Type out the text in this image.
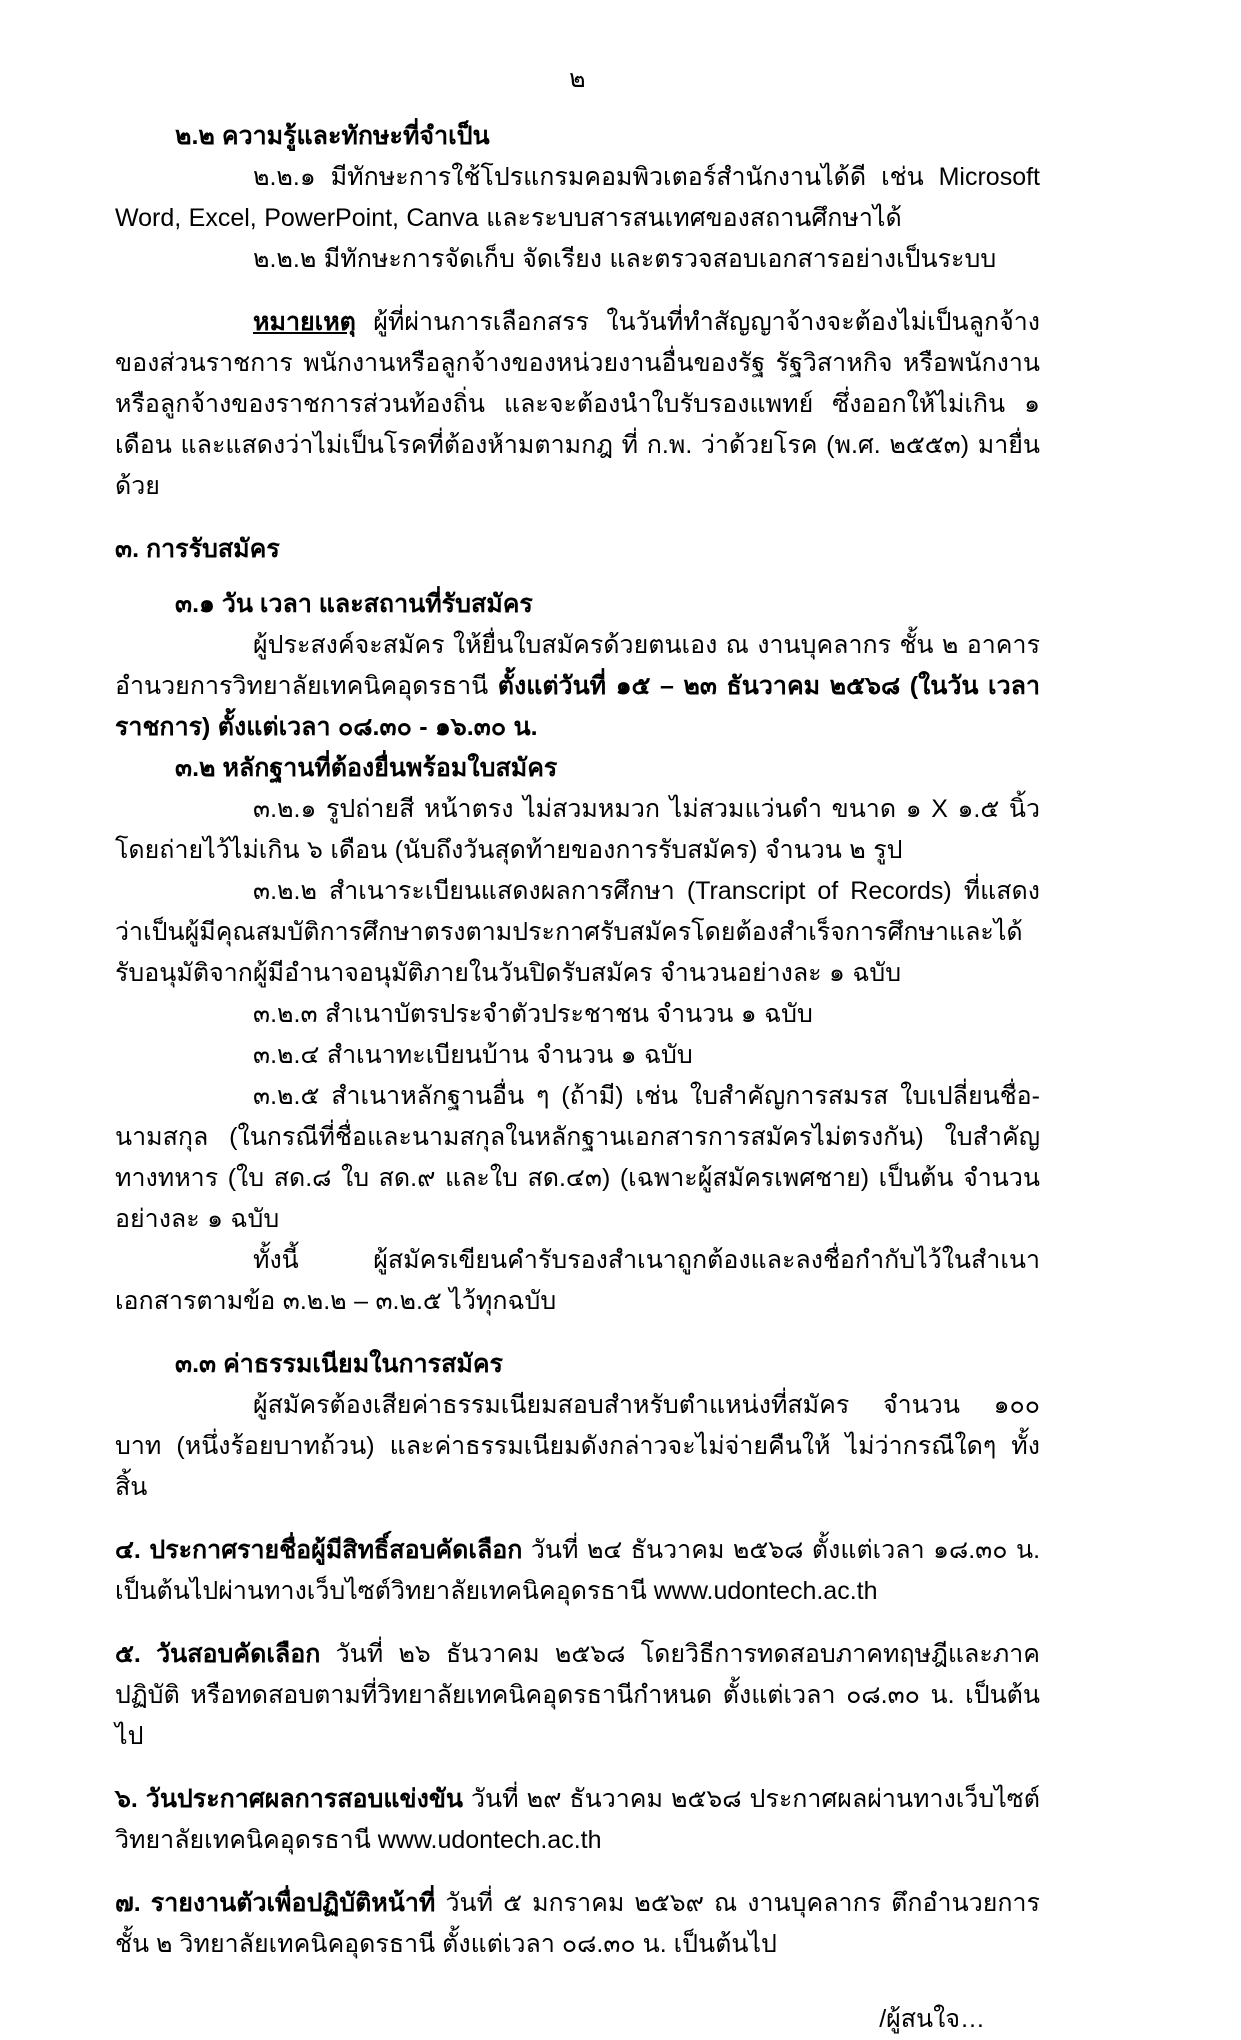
๒

๒.๒ ความรู้และทักษะที่จำเป็น

๒.๒.๑ มีทักษะการใช้โปรแกรมคอมพิวเตอร์สำนักงานได้ดี เช่น Microsoft Word, Excel, PowerPoint, Canva และระบบสารสนเทศของสถานศึกษาได้

๒.๒.๒ มีทักษะการจัดเก็บ จัดเรียง และตรวจสอบเอกสารอย่างเป็นระบบ

หมายเหตุ ผู้ที่ผ่านการเลือกสรร ในวันที่ทำสัญญาจ้างจะต้องไม่เป็นลูกจ้างของส่วนราชการ พนักงานหรือลูกจ้างของหน่วยงานอื่นของรัฐ รัฐวิสาหกิจ หรือพนักงานหรือลูกจ้างของราชการส่วนท้องถิ่น และจะต้องนำใบรับรองแพทย์ ซึ่งออกให้ไม่เกิน ๑ เดือน และแสดงว่าไม่เป็นโรคที่ต้องห้ามตามกฎ ที่ ก.พ. ว่าด้วยโรค (พ.ศ. ๒๕๕๓) มายื่นด้วย

๓. การรับสมัคร

๓.๑ วัน เวลา และสถานที่รับสมัคร

ผู้ประสงค์จะสมัคร ให้ยื่นใบสมัครด้วยตนเอง ณ งานบุคลากร ชั้น ๒ อาคารอำนวยการวิทยาลัยเทคนิคอุดรธานี ตั้งแต่วันที่ ๑๕ – ๒๓ ธันวาคม ๒๕๖๘ (ในวัน เวลาราชการ) ตั้งแต่เวลา ๐๘.๓๐ - ๑๖.๓๐ น.

๓.๒ หลักฐานที่ต้องยื่นพร้อมใบสมัคร

๓.๒.๑ รูปถ่ายสี หน้าตรง ไม่สวมหมวก ไม่สวมแว่นดำ ขนาด ๑ X ๑.๕ นิ้ว โดยถ่ายไว้ไม่เกิน ๖ เดือน (นับถึงวันสุดท้ายของการรับสมัคร) จำนวน ๒ รูป

๓.๒.๒ สำเนาระเบียนแสดงผลการศึกษา (Transcript of Records) ที่แสดงว่าเป็นผู้มีคุณสมบัติการศึกษาตรงตามประกาศรับสมัครโดยต้องสำเร็จการศึกษาและได้รับอนุมัติจากผู้มีอำนาจอนุมัติภายในวันปิดรับสมัคร จำนวนอย่างละ ๑ ฉบับ

๓.๒.๓ สำเนาบัตรประจำตัวประชาชน จำนวน ๑ ฉบับ

๓.๒.๔ สำเนาทะเบียนบ้าน จำนวน ๑ ฉบับ

๓.๒.๕ สำเนาหลักฐานอื่น ๆ (ถ้ามี) เช่น ใบสำคัญการสมรส ใบเปลี่ยนชื่อ-นามสกุล (ในกรณีที่ชื่อและนามสกุลในหลักฐานเอกสารการสมัครไม่ตรงกัน) ใบสำคัญทางทหาร (ใบ สด.๘ ใบ สด.๙ และใบ สด.๔๓) (เฉพาะผู้สมัครเพศชาย) เป็นต้น จำนวนอย่างละ ๑ ฉบับ

ทั้งนี้ ผู้สมัครเขียนคำรับรองสำเนาถูกต้องและลงชื่อกำกับไว้ในสำเนาเอกสารตามข้อ ๓.๒.๒ – ๓.๒.๕ ไว้ทุกฉบับ

๓.๓ ค่าธรรมเนียมในการสมัคร

ผู้สมัครต้องเสียค่าธรรมเนียมสอบสำหรับตำแหน่งที่สมัคร จำนวน ๑๐๐ บาท (หนึ่งร้อยบาทถ้วน) และค่าธรรมเนียมดังกล่าวจะไม่จ่ายคืนให้ ไม่ว่ากรณีใดๆ ทั้งสิ้น

๔. ประกาศรายชื่อผู้มีสิทธิ์สอบคัดเลือก วันที่ ๒๔ ธันวาคม ๒๕๖๘ ตั้งแต่เวลา ๑๘.๓๐ น. เป็นต้นไปผ่านทางเว็บไซต์วิทยาลัยเทคนิคอุดรธานี www.udontech.ac.th

๕. วันสอบคัดเลือก วันที่ ๒๖ ธันวาคม ๒๕๖๘ โดยวิธีการทดสอบภาคทฤษฎีและภาคปฏิบัติ หรือทดสอบตามที่วิทยาลัยเทคนิคอุดรธานีกำหนด ตั้งแต่เวลา ๐๘.๓๐ น. เป็นต้นไป

๖. วันประกาศผลการสอบแข่งขัน วันที่ ๒๙ ธันวาคม ๒๕๖๘ ประกาศผลผ่านทางเว็บไซต์ วิทยาลัยเทคนิคอุดรธานี www.udontech.ac.th

๗. รายงานตัวเพื่อปฏิบัติหน้าที่ วันที่ ๕ มกราคม ๒๕๖๙ ณ งานบุคลากร ตึกอำนวยการ ชั้น ๒ วิทยาลัยเทคนิคอุดรธานี ตั้งแต่เวลา ๐๘.๓๐ น. เป็นต้นไป

/ผู้สนใจ…
